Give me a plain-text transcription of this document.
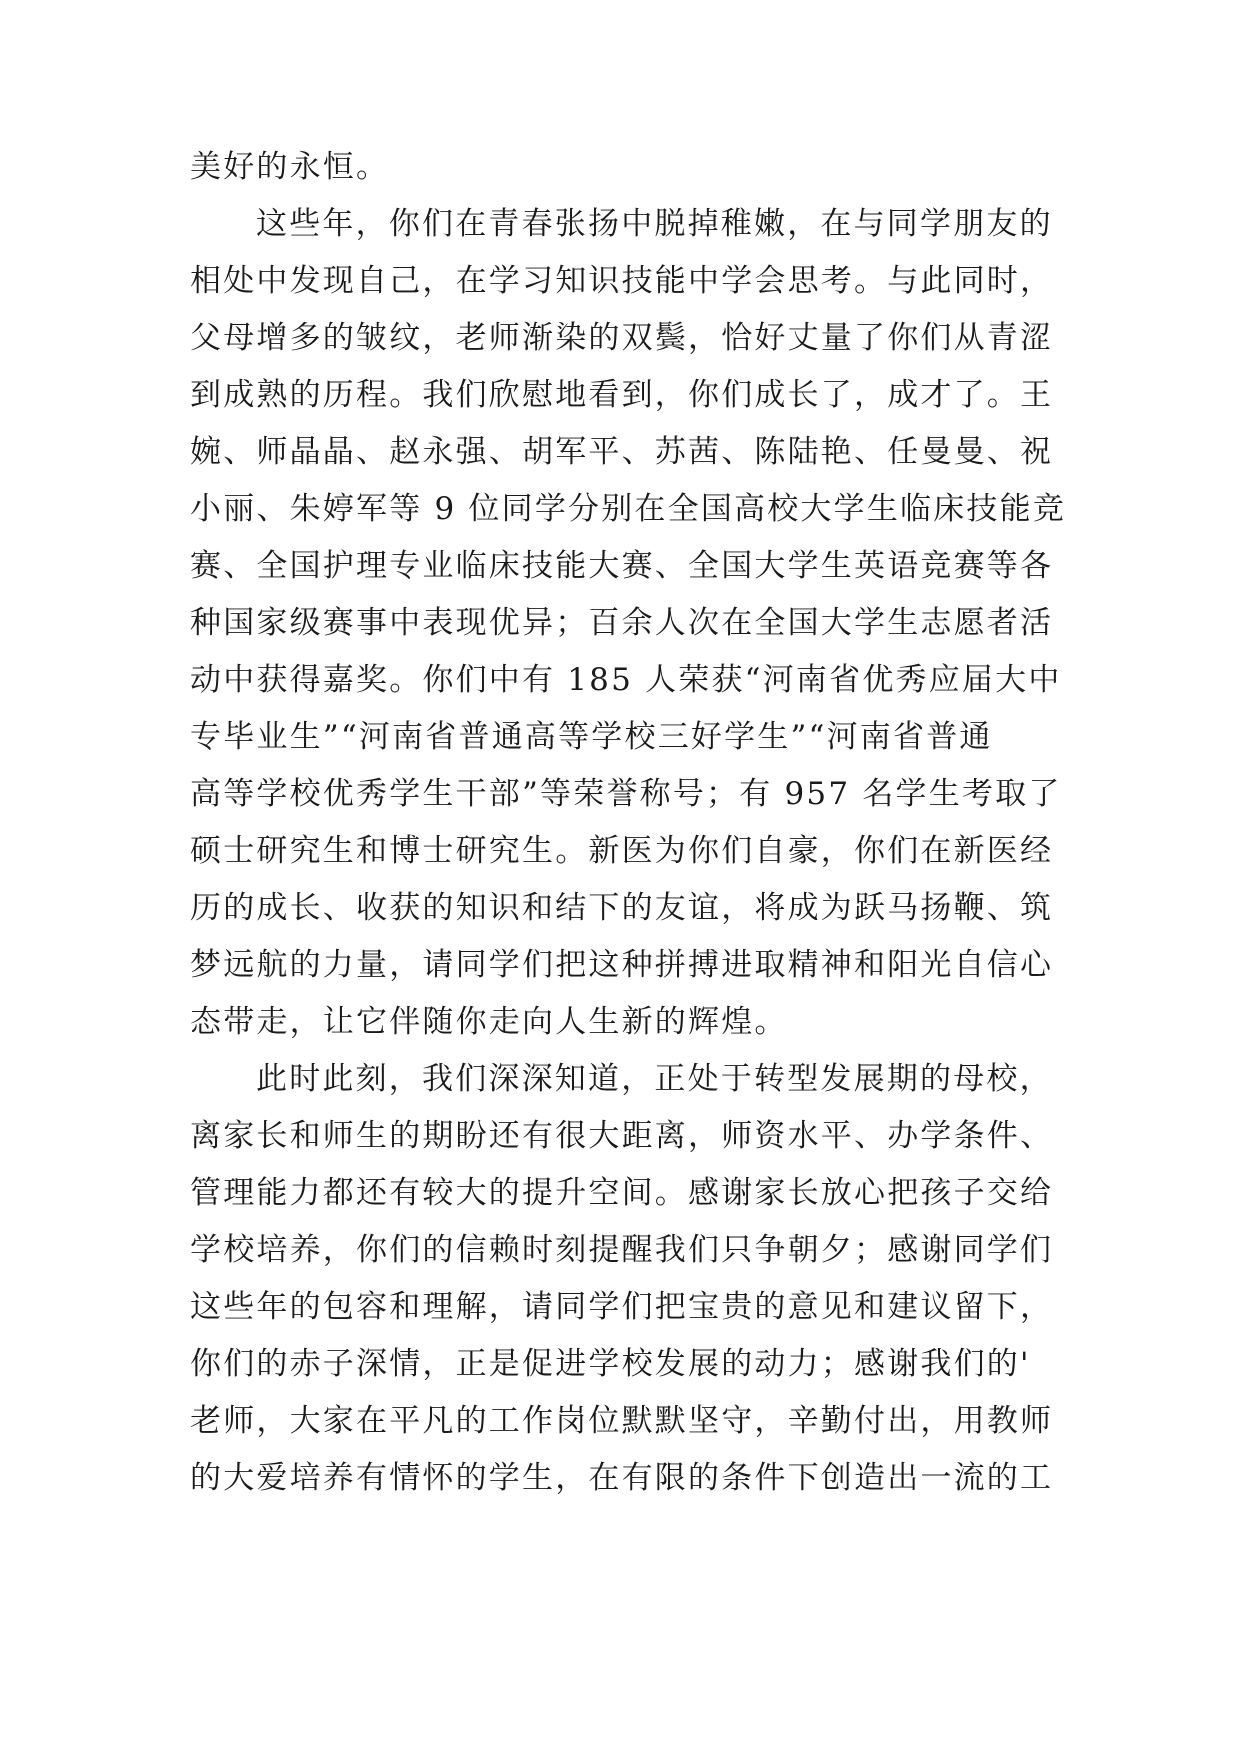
美好的永恒。

这些年，你们在青春张扬中脱掉稚嫩，在与同学朋友的

相处中发现自己，在学习知识技能中学会思考。与此同时，

父母增多的皱纹，老师渐染的双鬓，恰好丈量了你们从青涩

到成熟的历程。我们欣慰地看到，你们成长了，成才了。王

婉、师晶晶、赵永强、胡军平、苏茜、陈陆艳、任曼曼、祝

小丽、朱婷军等 9 位同学分别在全国高校大学生临床技能竞

赛、全国护理专业临床技能大赛、全国大学生英语竞赛等各

种国家级赛事中表现优异；百余人次在全国大学生志愿者活

动中获得嘉奖。你们中有 185 人荣获“河南省优秀应届大中

专毕业生”“河南省普通高等学校三好学生”“河南省普通

高等学校优秀学生干部”等荣誉称号；有 957 名学生考取了

硕士研究生和博士研究生。新医为你们自豪，你们在新医经

历的成长、收获的知识和结下的友谊，将成为跃马扬鞭、筑

梦远航的力量，请同学们把这种拼搏进取精神和阳光自信心

态带走，让它伴随你走向人生新的辉煌。

此时此刻，我们深深知道，正处于转型发展期的母校，

离家长和师生的期盼还有很大距离，师资水平、办学条件、

管理能力都还有较大的提升空间。感谢家长放心把孩子交给

学校培养，你们的信赖时刻提醒我们只争朝夕；感谢同学们

这些年的包容和理解，请同学们把宝贵的意见和建议留下，

你们的赤子深情，正是促进学校发展的动力；感谢我们的'

老师，大家在平凡的工作岗位默默坚守，辛勤付出，用教师

的大爱培养有情怀的学生，在有限的条件下创造出一流的工
